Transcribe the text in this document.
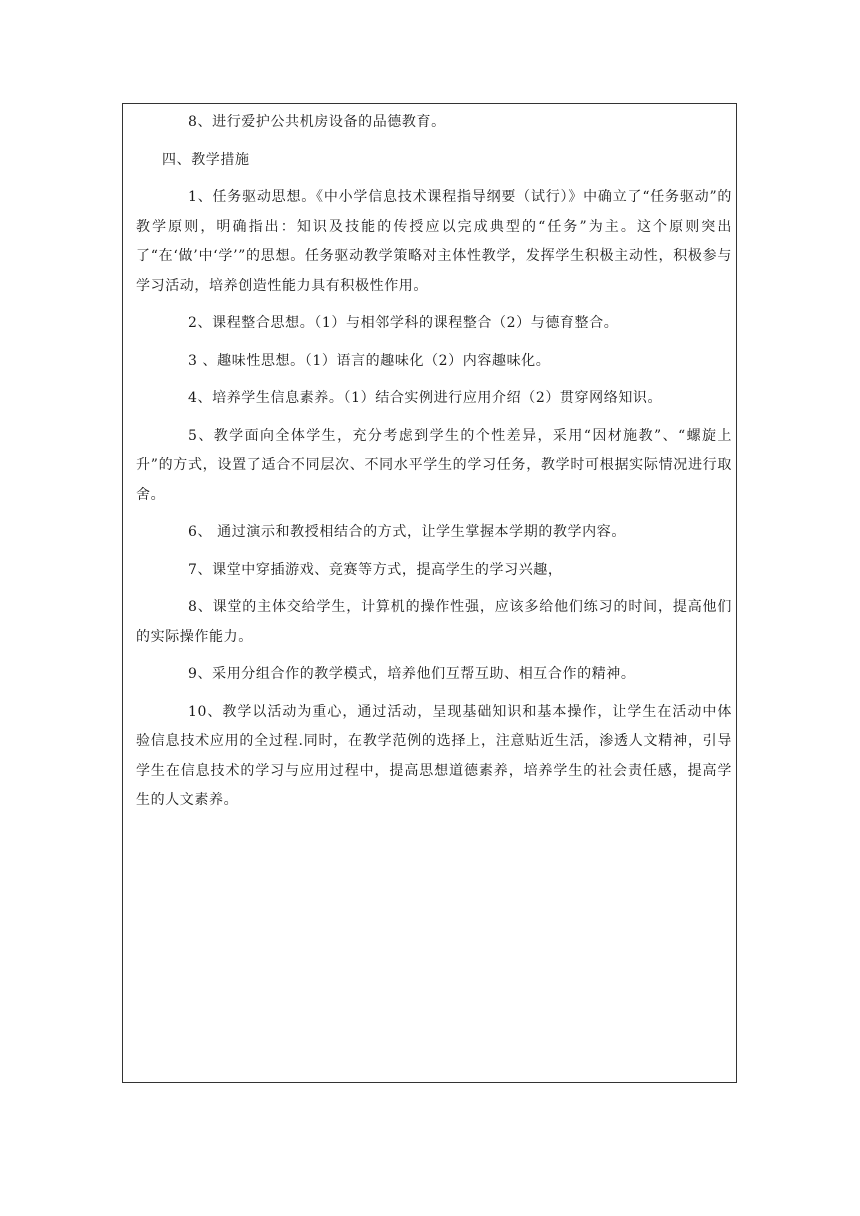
8、进行爱护公共机房设备的品德教育。

四、教学措施

1、任务驱动思想。《中小学信息技术课程指导纲要（试行）》中确立了“任务驱动”的教学原则，明确指出：知识及技能的传授应以完成典型的“任务”为主。这个原则突出了“在‘做’中‘学’”的思想。任务驱动教学策略对主体性教学，发挥学生积极主动性，积极参与学习活动，培养创造性能力具有积极性作用。

2、课程整合思想。（1）与相邻学科的课程整合（2）与德育整合。

3 、趣味性思想。（1）语言的趣味化（2）内容趣味化。

4、培养学生信息素养。（1）结合实例进行应用介绍（2）贯穿网络知识。

5、教学面向全体学生，充分考虑到学生的个性差异，采用“因材施教”、“螺旋上升”的方式，设置了适合不同层次、不同水平学生的学习任务，教学时可根据实际情况进行取舍。

6、 通过演示和教授相结合的方式，让学生掌握本学期的教学内容。

7、课堂中穿插游戏、竞赛等方式，提高学生的学习兴趣，

8、课堂的主体交给学生，计算机的操作性强，应该多给他们练习的时间，提高他们的实际操作能力。

9、采用分组合作的教学模式，培养他们互帮互助、相互合作的精神。

10、教学以活动为重心，通过活动，呈现基础知识和基本操作，让学生在活动中体验信息技术应用的全过程.同时，在教学范例的选择上，注意贴近生活，渗透人文精神，引导学生在信息技术的学习与应用过程中，提高思想道德素养，培养学生的社会责任感，提高学生的人文素养。
